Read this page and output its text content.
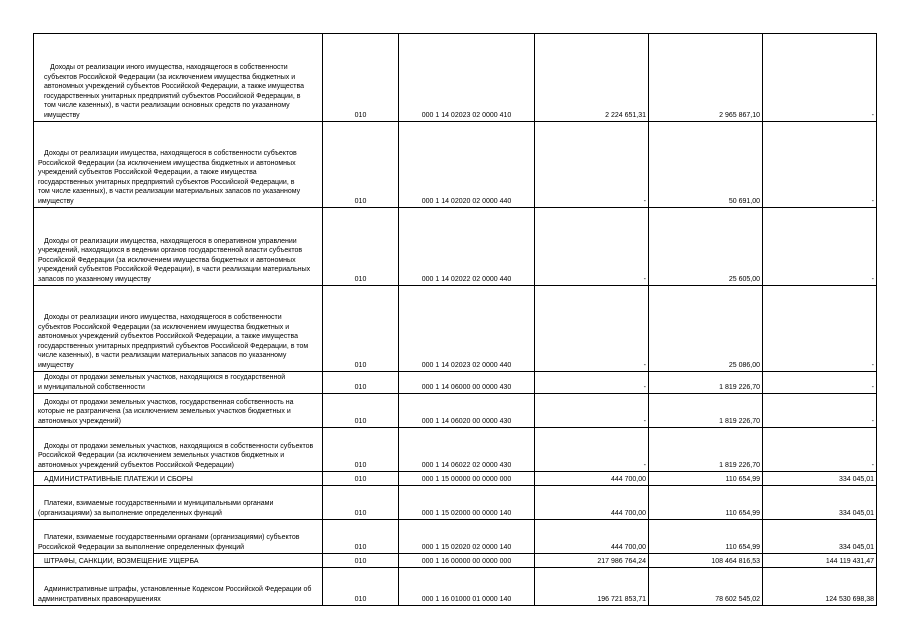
Доходы от реализации иного имущества, находящегося в собственности субъектов Российской Федерации (за исключением имущества бюджетных и автономных учреждений субъектов Российской Федерации, а также имущества государственных унитарных предприятий субъектов Российской Федерации, в том числе казенных), в части реализации основных средств по указанному имуществу	010	000 1 14 02023 02 0000 410	2 224 651,31	2 965 867,10	-

Доходы от реализации имущества, находящегося в собственности субъектов Российской Федерации (за исключением имущества бюджетных и автономных учреждений субъектов Российской Федерации, а также имущества государственных унитарных предприятий субъектов Российской Федерации, в том числе казенных), в части реализации материальных запасов по указанному имуществу	010	000 1 14 02020 02 0000 440	-	50 691,00	-

Доходы от реализации имущества, находящегося в оперативном управлении учреждений, находящихся в ведении органов государственной власти субъектов Российской Федерации (за исключением имущества бюджетных и автономных учреждений субъектов Российской Федерации), в части реализации материальных запасов по указанному имуществу	010	000 1 14 02022 02 0000 440	-	25 605,00	-

Доходы от реализации иного имущества, находящегося в собственности субъектов Российской Федерации (за исключением имущества бюджетных и автономных учреждений субъектов Российской Федерации, а также имущества государственных унитарных предприятий субъектов Российской Федерации, в том числе казенных), в части реализации материальных запасов по указанному имуществу	010	000 1 14 02023 02 0000 440	-	25 086,00	-

Доходы от продажи земельных участков, находящихся в государственной и муниципальной собственности	010	000 1 14 06000 00 0000 430	-	1 819 226,70	-

Доходы от продажи земельных участков, государственная собственность на которые не разграничена (за исключением земельных участков бюджетных и автономных учреждений)	010	000 1 14 06020 00 0000 430	-	1 819 226,70	-

Доходы от продажи земельных участков, находящихся в собственности субъектов Российской Федерации (за исключением земельных участков бюджетных и автономных учреждений субъектов Российской Федерации)	010	000 1 14 06022 02 0000 430	-	1 819 226,70	-
АДМИНИСТРАТИВНЫЕ ПЛАТЕЖИ И СБОРЫ	010	000 1 15 00000 00 0000 000	444 700,00	110 654,99	334 045,01

Платежи, взимаемые государственными и муниципальными органами (организациями) за выполнение определенных функций	010	000 1 15 02000 00 0000 140	444 700,00	110 654,99	334 045,01

Платежи, взимаемые государственными органами (организациями) субъектов Российской Федерации за выполнение определенных функций	010	000 1 15 02020 02 0000 140	444 700,00	110 654,99	334 045,01
ШТРАФЫ, САНКЦИИ, ВОЗМЕЩЕНИЕ УЩЕРБА	010	000 1 16 00000 00 0000 000	217 986 764,24	108 464 816,53	144 119 431,47

Административные штрафы, установленные Кодексом Российской Федерации об административных правонарушениях	010	000 1 16 01000 01 0000 140	196 721 853,71	78 602 545,02	124 530 698,38
